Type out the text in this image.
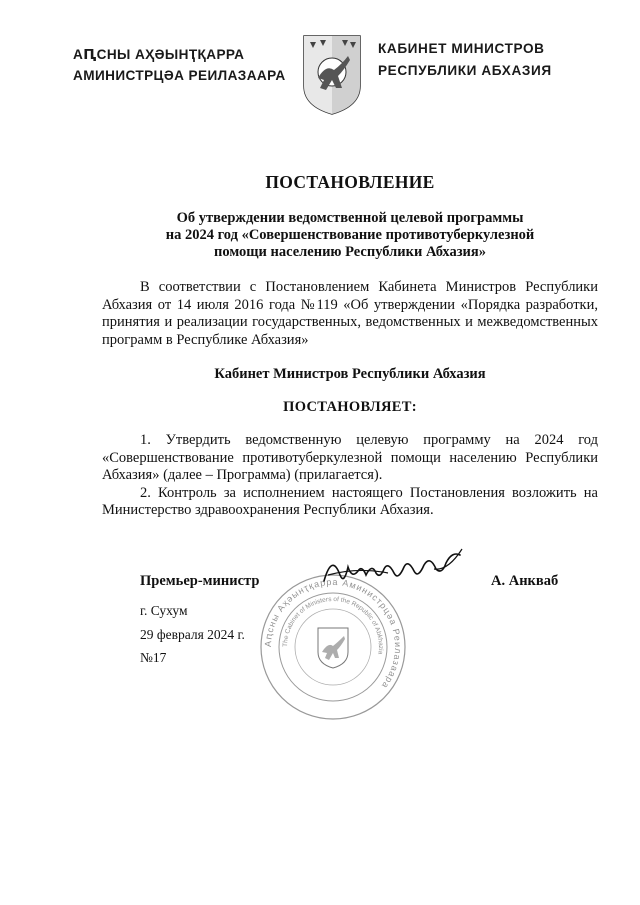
АԤСНЫ АҲӘЫНҬҚАРРА
АМИНИСТРЦӘА РЕИЛАЗААРА
КАБИНЕТ МИНИСТРОВ
РЕСПУБЛИКИ АБХАЗИЯ
ПОСТАНОВЛЕНИЕ
Об утверждении ведомственной целевой программы
на 2024 год «Совершенствование противотуберкулезной
помощи населению Республики Абхазия»
В соответствии с Постановлением Кабинета Министров Республики Абхазия от 14 июля 2016 года №119 «Об утверждении «Порядка разработки, принятия и реализации государственных, ведомственных и межведомственных программ в Республике Абхазия»
Кабинет Министров Республики Абхазия
ПОСТАНОВЛЯЕТ:
1. Утвердить ведомственную целевую программу на 2024 год «Совершенствование противотуберкулезной помощи населению Республики Абхазия» (далее – Программа) (прилагается).
2. Контроль за исполнением настоящего Постановления возложить на Министерство здравоохранения Республики Абхазия.
Аԥсны Аҳәынҭқарра Аминистрцәа Реилазаара
The Cabinet of Ministers of the Republic of Abkhazia
Премьер-министр	А. Анкваб
г. Сухум
29 февраля 2024 г.
№17
